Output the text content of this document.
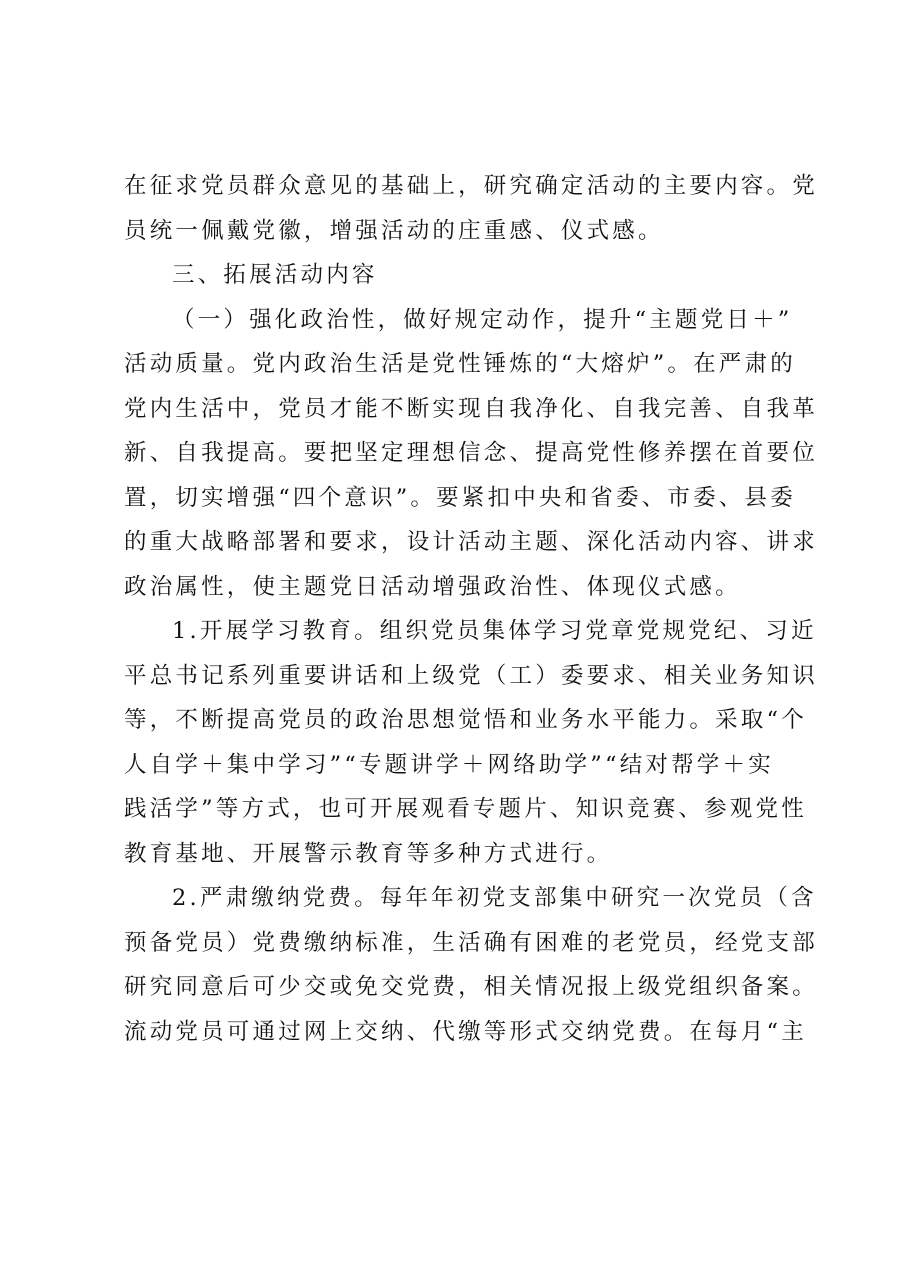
在征求党员群众意见的基础上，研究确定活动的主要内容。党
员统一佩戴党徽，增强活动的庄重感、仪式感。

三、拓展活动内容

（一）强化政治性，做好规定动作，提升“主题党日＋”
活动质量。党内政治生活是党性锤炼的“大熔炉”。在严肃的
党内生活中，党员才能不断实现自我净化、自我完善、自我革
新、自我提高。要把坚定理想信念、提高党性修养摆在首要位
置，切实增强“四个意识”。要紧扣中央和省委、市委、县委
的重大战略部署和要求，设计活动主题、深化活动内容、讲求
政治属性，使主题党日活动增强政治性、体现仪式感。

1.开展学习教育。组织党员集体学习党章党规党纪、习近
平总书记系列重要讲话和上级党（工）委要求、相关业务知识
等，不断提高党员的政治思想觉悟和业务水平能力。采取“个
人自学＋集中学习”“专题讲学＋网络助学”“结对帮学＋实
践活学”等方式，也可开展观看专题片、知识竞赛、参观党性
教育基地、开展警示教育等多种方式进行。

2.严肃缴纳党费。每年年初党支部集中研究一次党员（含
预备党员）党费缴纳标准，生活确有困难的老党员，经党支部
研究同意后可少交或免交党费，相关情况报上级党组织备案。
流动党员可通过网上交纳、代缴等形式交纳党费。在每月“主
